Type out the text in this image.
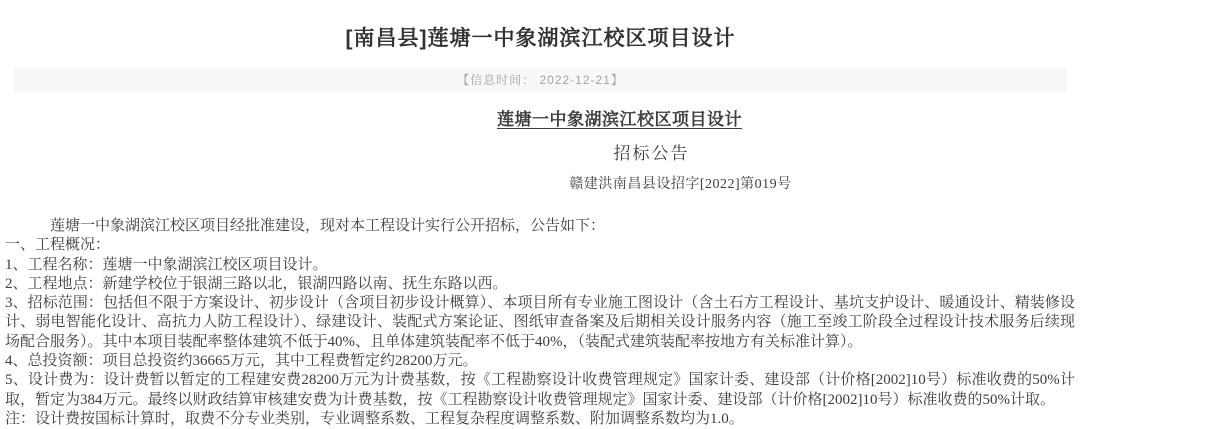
[南昌县]莲塘一中象湖滨江校区项目设计
【信息时间： 2022-12-21】
莲塘一中象湖滨江校区项目设计
招标公告
赣建洪南昌县设招字[2022]第019号

莲塘一中象湖滨江校区项目经批准建设，现对本工程设计实行公开招标，公告如下：

一、工程概况：

1、工程名称：莲塘一中象湖滨江校区项目设计。

2、工程地点：新建学校位于银湖三路以北，银湖四路以南、抚生东路以西。

3、招标范围：包括但不限于方案设计、初步设计（含项目初步设计概算）、本项目所有专业施工图设计（含土石方工程设计、基坑支护设计、暖通设计、精装修设计、弱电智能化设计、高抗力人防工程设计）、绿建设计、装配式方案论证、图纸审查备案及后期相关设计服务内容（施工至竣工阶段全过程设计技术服务后续现场配合服务）。其中本项目装配率整体建筑不低于40%、且单体建筑装配率不低于40%，（装配式建筑装配率按地方有关标准计算）。

4、总投资额：项目总投资约36665万元，其中工程费暂定约28200万元。

5、设计费为：设计费暂以暂定的工程建安费28200万元为计费基数，按《工程勘察设计收费管理规定》国家计委、建设部（计价格[2002]10号）标准收费的50%计取，暂定为384万元。最终以财政结算审核建安费为计费基数，按《工程勘察设计收费管理规定》国家计委、建设部（计价格[2002]10号）标准收费的50%计取。

注：设计费按国标计算时，取费不分专业类别，专业调整系数、工程复杂程度调整系数、附加调整系数均为1.0。
